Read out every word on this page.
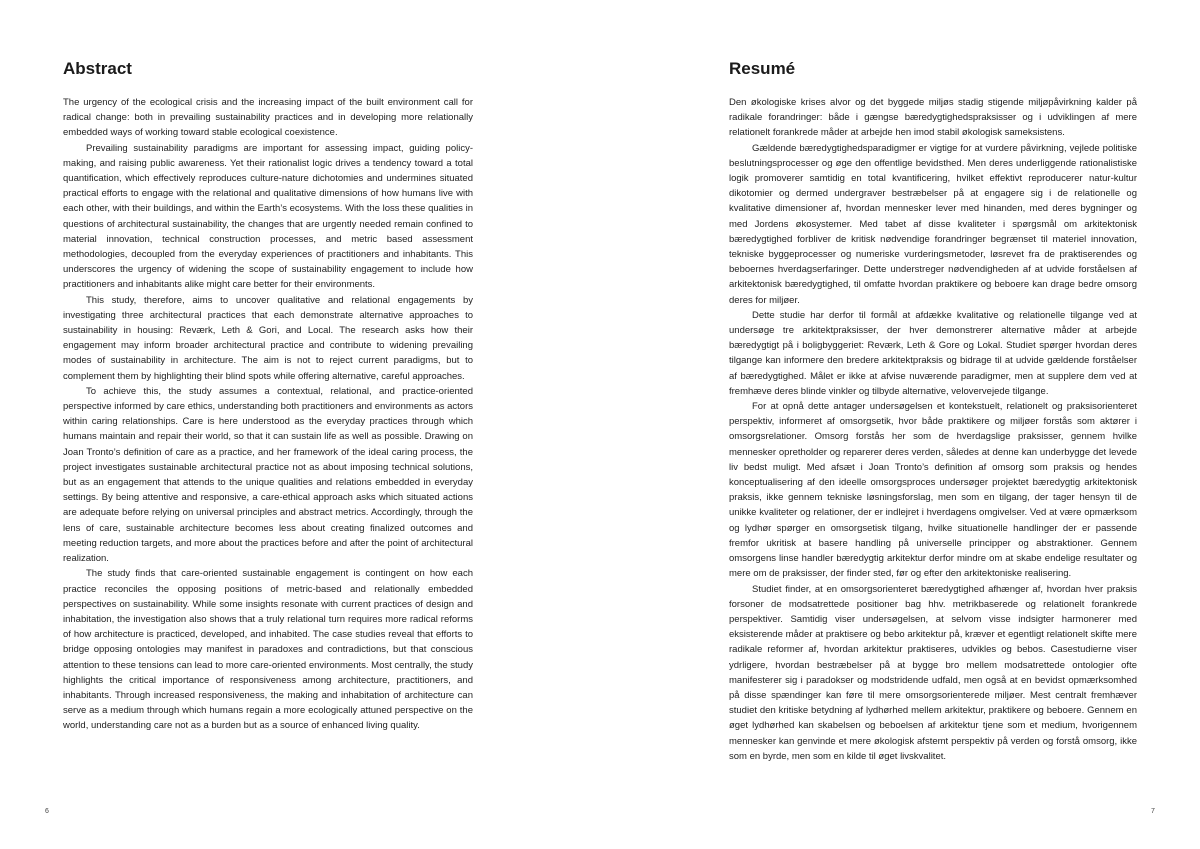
Abstract

The urgency of the ecological crisis and the increasing impact of the built environment call for radical change: both in prevailing sustainability practices and in developing more relationally embedded ways of working toward stable ecological coexistence.

Prevailing sustainability paradigms are important for assessing impact, guiding policy-making, and raising public awareness. Yet their rationalist logic drives a tendency toward a total quantification, which effectively reproduces culture-nature dichotomies and undermines situated practical efforts to engage with the relational and qualitative dimensions of how humans live with each other, with their buildings, and within the Earth’s ecosystems. With the loss these qualities in questions of architectural sustainability, the changes that are urgently needed remain confined to material innovation, technical construction processes, and metric based assessment methodologies, decoupled from the everyday experiences of practitioners and inhabitants. This underscores the urgency of widening the scope of sustainability engagement to include how practitioners and inhabitants alike might care better for their environments.

This study, therefore, aims to uncover qualitative and relational engagements by investigating three architectural practices that each demonstrate alternative approaches to sustainability in housing: Reværk, Leth & Gori, and Local. The research asks how their engagement may inform broader architectural practice and contribute to widening prevailing modes of sustainability in architecture. The aim is not to reject current paradigms, but to complement them by highlighting their blind spots while offering alternative, careful approaches.

To achieve this, the study assumes a contextual, relational, and practice-oriented perspective informed by care ethics, understanding both practitioners and environments as actors within caring relationships. Care is here understood as the everyday practices through which humans maintain and repair their world, so that it can sustain life as well as possible. Drawing on Joan Tronto’s definition of care as a practice, and her framework of the ideal caring process, the project investigates sustainable architectural practice not as about imposing technical solutions, but as an engagement that attends to the unique qualities and relations embedded in everyday settings. By being attentive and responsive, a care-ethical approach asks which situated actions are adequate before relying on universal principles and abstract metrics. Accordingly, through the lens of care, sustainable architecture becomes less about creating finalized outcomes and meeting reduction targets, and more about the practices before and after the point of architectural realization.

The study finds that care-oriented sustainable engagement is contingent on how each practice reconciles the opposing positions of metric-based and relationally embedded perspectives on sustainability. While some insights resonate with current practices of design and inhabitation, the investigation also shows that a truly relational turn requires more radical reforms of how architecture is practiced, developed, and inhabited. The case studies reveal that efforts to bridge opposing ontologies may manifest in paradoxes and contradictions, but that conscious attention to these tensions can lead to more care-oriented environments. Most centrally, the study highlights the critical importance of responsiveness among architecture, practitioners, and inhabitants. Through increased responsiveness, the making and inhabitation of architecture can serve as a medium through which humans regain a more ecologically attuned perspective on the world, understanding care not as a burden but as a source of enhanced living quality.

6
Resumé

Den økologiske krises alvor og det byggede miljøs stadig stigende miljøpåvirkning kalder på radikale forandringer: både i gængse bæredygtighedspraksisser og i udviklingen af mere relationelt forankrede måder at arbejde hen imod stabil økologisk sameksistens.

Gældende bæredygtighedsparadigmer er vigtige for at vurdere påvirkning, vejlede politiske beslutningsprocesser og øge den offentlige bevidsthed. Men deres underliggende rationalistiske logik promoverer samtidig en total kvantificering, hvilket effektivt reproducerer natur-kultur dikotomier og dermed undergraver bestræbelser på at engagere sig i de relationelle og kvalitative dimensioner af, hvordan mennesker lever med hinanden, med deres bygninger og med Jordens økosystemer. Med tabet af disse kvaliteter i spørgsmål om arkitektonisk bæredygtighed forbliver de kritisk nødvendige forandringer begrænset til materiel innovation, tekniske byggeprocesser og numeriske vurderingsmetoder, løsrevet fra de praktiserendes og beboernes hverdagserfaringer. Dette understreger nødvendigheden af at udvide forståelsen af arkitektonisk bæredygtighed, til omfatte hvordan praktikere og beboere kan drage bedre omsorg deres for miljøer.

Dette studie har derfor til formål at afdække kvalitative og relationelle tilgange ved at undersøge tre arkitektpraksisser, der hver demonstrerer alternative måder at arbejde bæredygtigt på i boligbyggeriet: Reværk, Leth & Gore og Lokal. Studiet spørger hvordan deres tilgange kan informere den bredere arkitektpraksis og bidrage til at udvide gældende forståelser af bæredygtighed. Målet er ikke at afvise nuværende paradigmer, men at supplere dem ved at fremhæve deres blinde vinkler og tilbyde alternative, velovervejede tilgange.

For at opnå dette antager undersøgelsen et kontekstuelt, relationelt og praksisorienteret perspektiv, informeret af omsorgsetik, hvor både praktikere og miljøer forstås som aktører i omsorgsrelationer. Omsorg forstås her som de hverdagslige praksisser, gennem hvilke mennesker opretholder og reparerer deres verden, således at denne kan underbygge det levede liv bedst muligt. Med afsæt i Joan Tronto’s definition af omsorg som praksis og hendes konceptualisering af den ideelle omsorgsproces undersøger projektet bæredygtig arkitektonisk praksis, ikke gennem tekniske løsningsforslag, men som en tilgang, der tager hensyn til de unikke kvaliteter og relationer, der er indlejret i hverdagens omgivelser. Ved at være opmærksom og lydhør spørger en omsorgsetisk tilgang, hvilke situationelle handlinger der er passende fremfor ukritisk at basere handling på universelle principper og abstraktioner. Gennem omsorgens linse handler bæredygtig arkitektur derfor mindre om at skabe endelige resultater og mere om de praksisser, der finder sted, før og efter den arkitektoniske realisering.

Studiet finder, at en omsorgsorienteret bæredygtighed afhænger af, hvordan hver praksis forsoner de modsatrettede positioner bag hhv. metrikbaserede og relationelt forankrede perspektiver. Samtidig viser undersøgelsen, at selvom visse indsigter harmonerer med eksisterende måder at praktisere og bebo arkitektur på, kræver et egentligt relationelt skifte mere radikale reformer af, hvordan arkitektur praktiseres, udvikles og bebos. Casestudierne viser ydrligere, hvordan bestræbelser på at bygge bro mellem modsatrettede ontologier ofte manifesterer sig i paradokser og modstridende udfald, men også at en bevidst opmærksomhed på disse spændinger kan føre til mere omsorgsorienterede miljøer. Mest centralt fremhæver studiet den kritiske betydning af lydhørhed mellem arkitektur, praktikere og beboere. Gennem en øget lydhørhed kan skabelsen og beboelsen af arkitektur tjene som et medium, hvorigennem mennesker kan genvinde et mere økologisk afstemt perspektiv på verden og forstå omsorg, ikke som en byrde, men som en kilde til øget livskvalitet.

7
